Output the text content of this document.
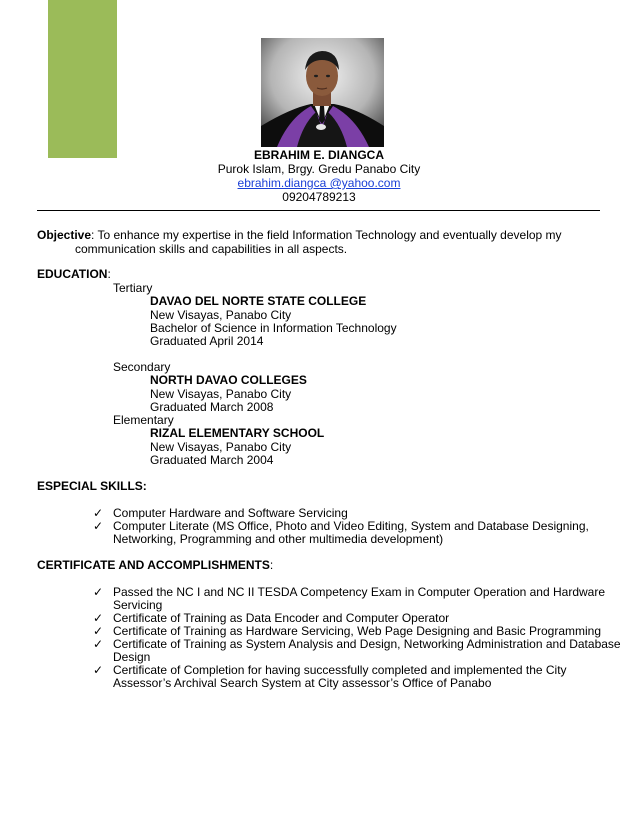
EBRAHIM E. DIANGCA
Purok Islam, Brgy. Gredu Panabo City
ebrahim.diangca @yahoo.com
09204789213
Objective: To enhance my expertise in the field Information Technology and eventually develop my
communication skills and capabilities in all aspects.
EDUCATION:
Tertiary
DAVAO DEL NORTE STATE COLLEGE
New Visayas, Panabo City
Bachelor of Science in Information Technology
Graduated April 2014
Secondary
NORTH DAVAO COLLEGES
New Visayas, Panabo City
Graduated March 2008
Elementary
RIZAL ELEMENTARY SCHOOL
New Visayas, Panabo City
Graduated March 2004
ESPECIAL SKILLS:
✓ Computer Hardware and Software Servicing
✓ Computer Literate (MS Office, Photo and Video Editing, System and Database Designing,
Networking, Programming and other multimedia development)
CERTIFICATE AND ACCOMPLISHMENTS:
✓ Passed the NC I and NC II TESDA Competency Exam in Computer Operation and Hardware
Servicing
✓ Certificate of Training as Data Encoder and Computer Operator
✓ Certificate of Training as Hardware Servicing, Web Page Designing and Basic Programming
✓ Certificate of Training as System Analysis and Design, Networking Administration and Database
Design
✓ Certificate of Completion for having successfully completed and implemented the City
Assessor’s Archival Search System at City assessor’s Office of Panabo
